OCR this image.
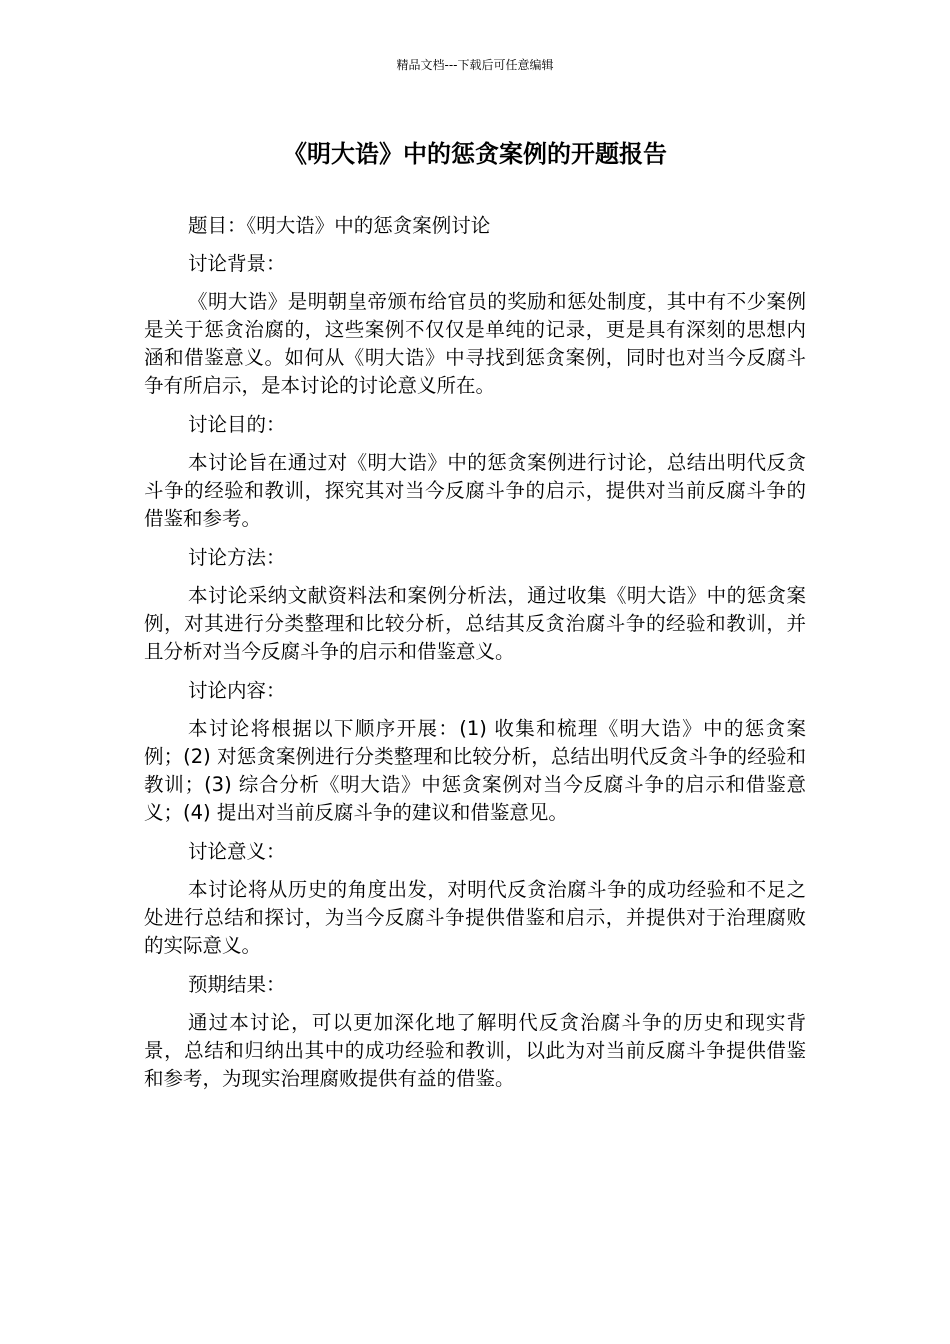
精品文档---下载后可任意编辑
《明大诰》中的惩贪案例的开题报告

题目：《明大诰》中的惩贪案例讨论

讨论背景：

《明大诰》是明朝皇帝颁布给官员的奖励和惩处制度，其中有不少案例是关于惩贪治腐的，这些案例不仅仅是单纯的记录，更是具有深刻的思想内涵和借鉴意义。如何从《明大诰》中寻找到惩贪案例，同时也对当今反腐斗争有所启示，是本讨论的讨论意义所在。

讨论目的：

本讨论旨在通过对《明大诰》中的惩贪案例进行讨论，总结出明代反贪斗争的经验和教训，探究其对当今反腐斗争的启示，提供对当前反腐斗争的借鉴和参考。

讨论方法：

本讨论采纳文献资料法和案例分析法，通过收集《明大诰》中的惩贪案例，对其进行分类整理和比较分析，总结其反贪治腐斗争的经验和教训，并且分析对当今反腐斗争的启示和借鉴意义。

讨论内容：

本讨论将根据以下顺序开展：(1) 收集和梳理《明大诰》中的惩贪案例；(2) 对惩贪案例进行分类整理和比较分析，总结出明代反贪斗争的经验和教训；(3) 综合分析《明大诰》中惩贪案例对当今反腐斗争的启示和借鉴意义；(4) 提出对当前反腐斗争的建议和借鉴意见。

讨论意义：

本讨论将从历史的角度出发，对明代反贪治腐斗争的成功经验和不足之处进行总结和探讨，为当今反腐斗争提供借鉴和启示，并提供对于治理腐败的实际意义。

预期结果：

通过本讨论，可以更加深化地了解明代反贪治腐斗争的历史和现实背景，总结和归纳出其中的成功经验和教训，以此为对当前反腐斗争提供借鉴和参考，为现实治理腐败提供有益的借鉴。
